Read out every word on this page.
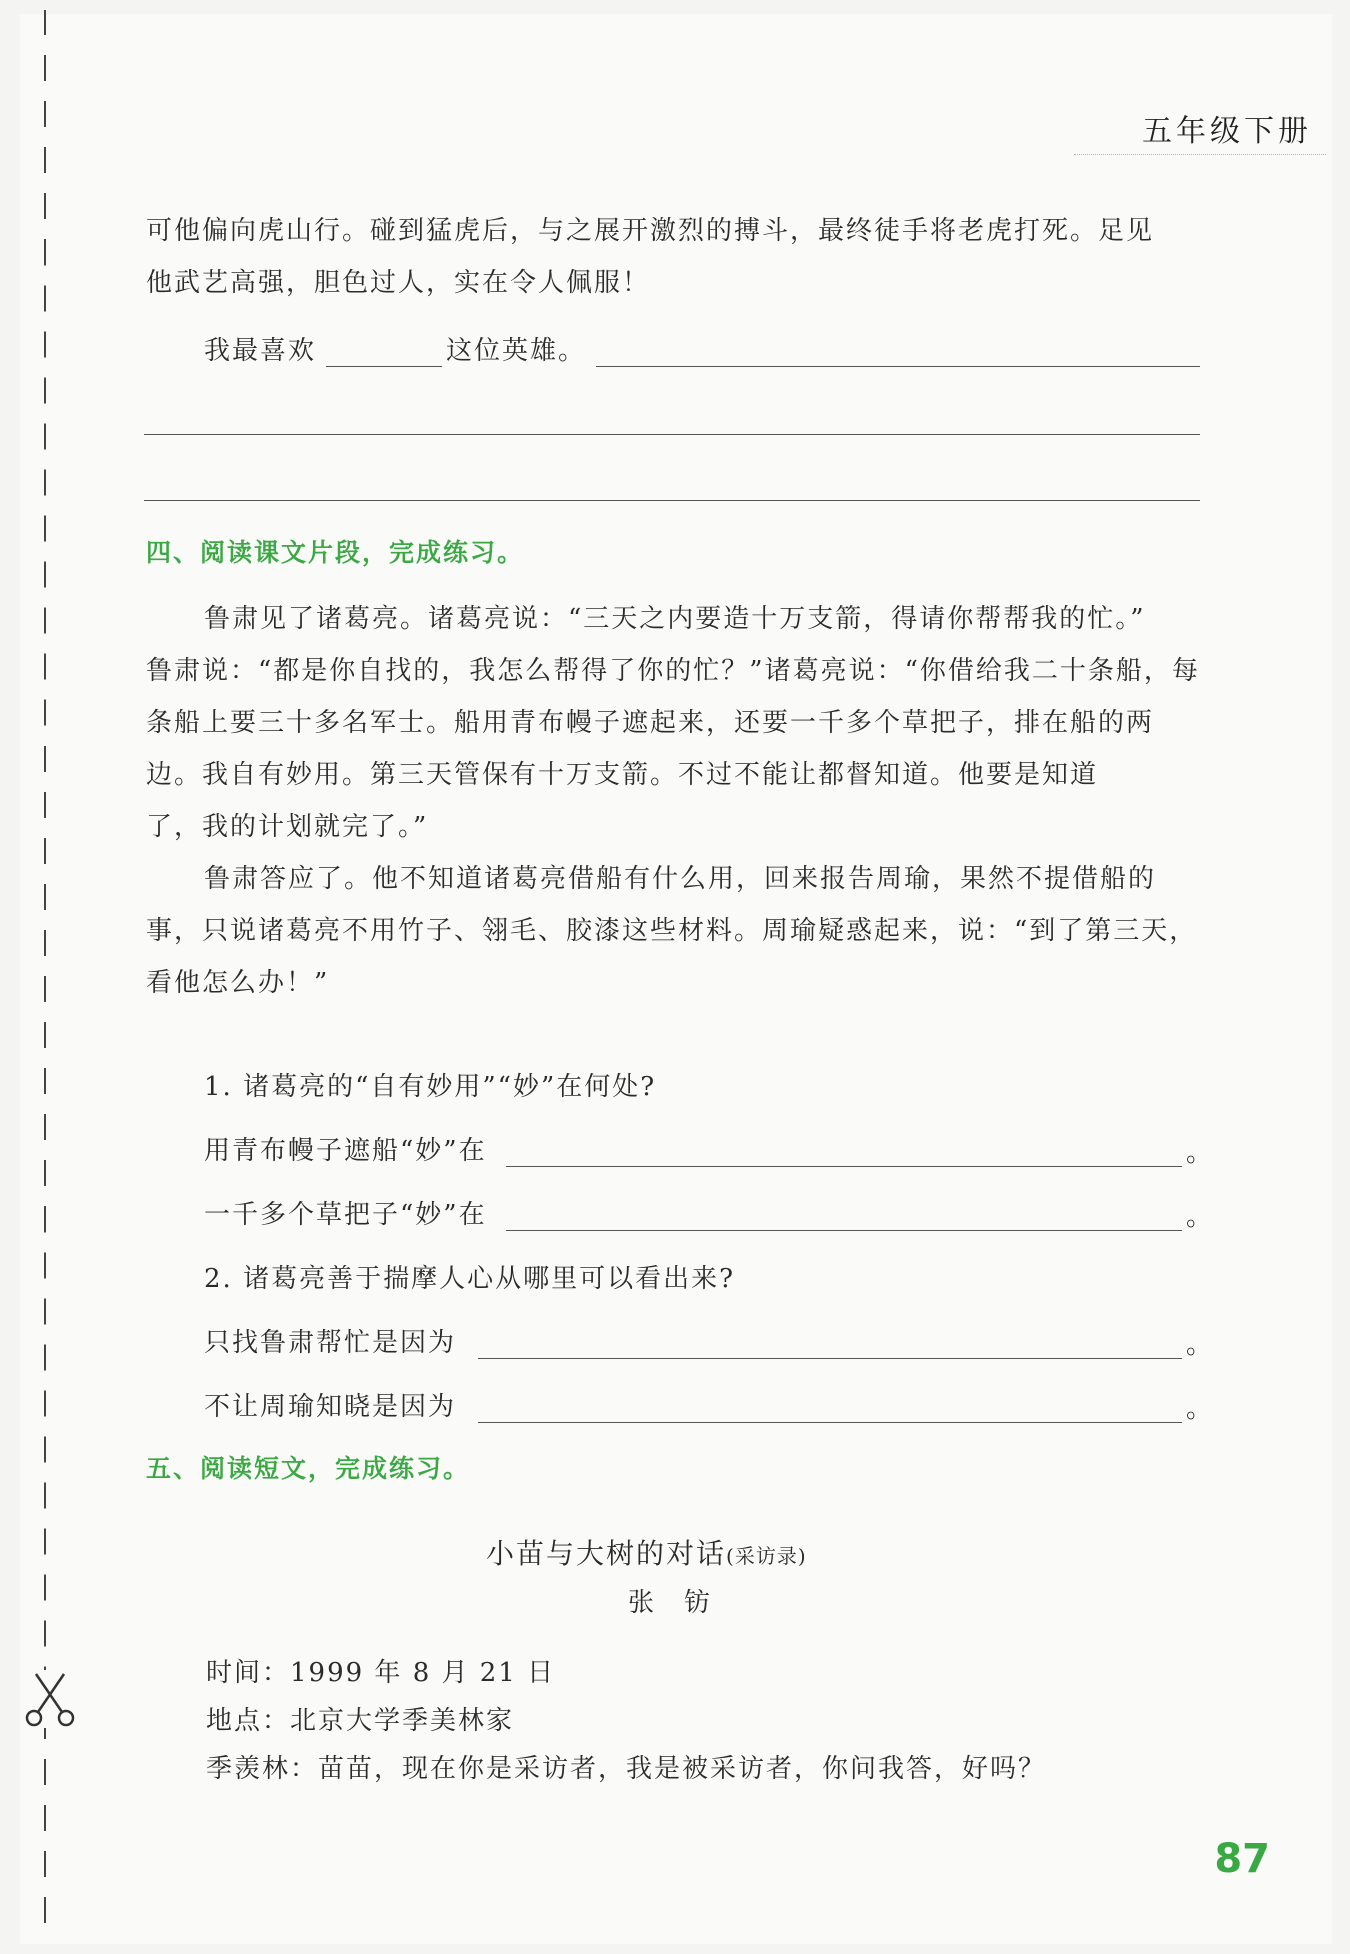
五年级下册
可他偏向虎山行。碰到猛虎后，与之展开激烈的搏斗，最终徒手将老虎打死。足见
他武艺高强，胆色过人，实在令人佩服！
我最喜欢	这位英雄。
四、阅读课文片段，完成练习。
鲁肃见了诸葛亮。诸葛亮说：“三天之内要造十万支箭，得请你帮帮我的忙。”
鲁肃说：“都是你自找的，我怎么帮得了你的忙？”诸葛亮说：“你借给我二十条船，每
条船上要三十多名军士。船用青布幔子遮起来，还要一千多个草把子，排在船的两
边。我自有妙用。第三天管保有十万支箭。不过不能让都督知道。他要是知道
了，我的计划就完了。”
鲁肃答应了。他不知道诸葛亮借船有什么用，回来报告周瑜，果然不提借船的
事，只说诸葛亮不用竹子、翎毛、胶漆这些材料。周瑜疑惑起来，说：“到了第三天，
看他怎么办！”
1. 诸葛亮的“自有妙用”“妙”在何处?
用青布幔子遮船“妙”在	。
一千多个草把子“妙”在	。
2. 诸葛亮善于揣摩人心从哪里可以看出来?
只找鲁肃帮忙是因为	。
不让周瑜知晓是因为	。
五、阅读短文，完成练习。
小苗与大树的对话(采访录)
张　钫
时间：1999 年 8 月 21 日
地点：北京大学季美林家
季羡林：苗苗，现在你是采访者，我是被采访者，你问我答，好吗？
87
